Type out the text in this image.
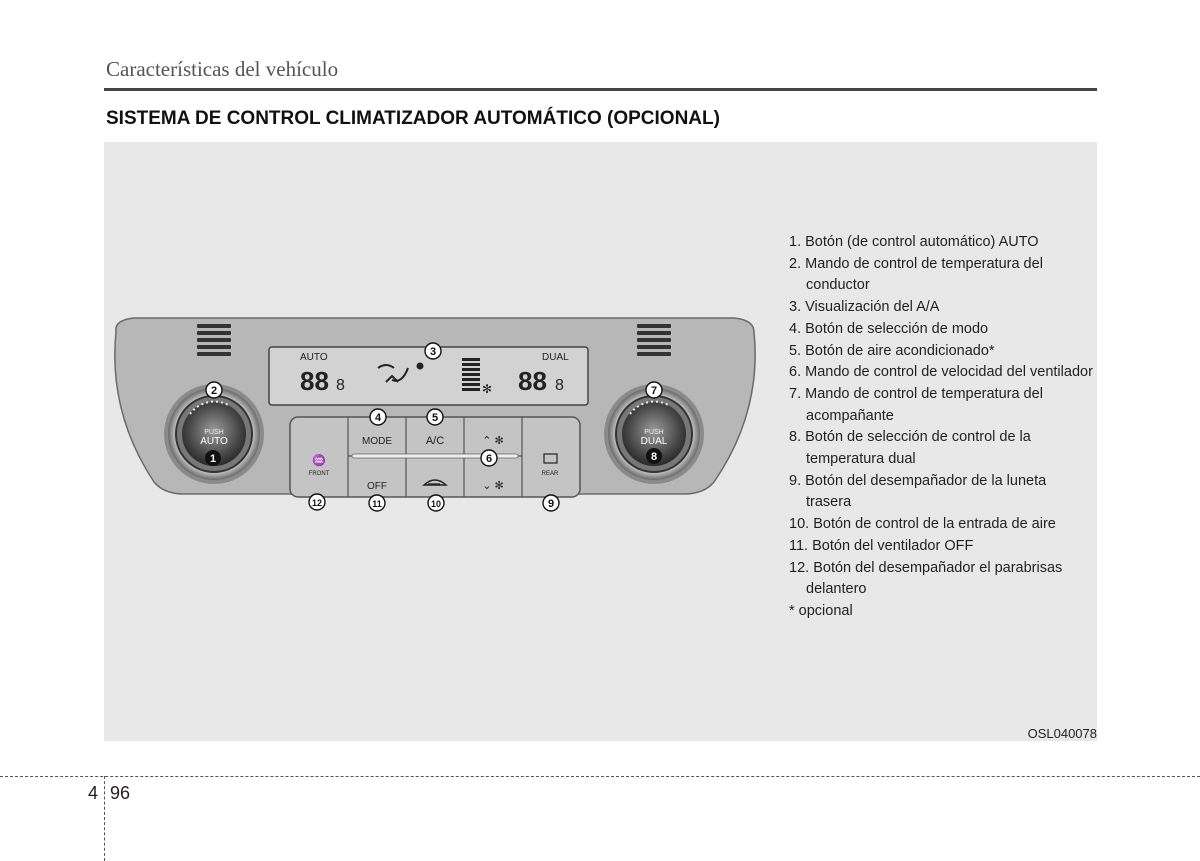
Características del vehículo
SISTEMA DE CONTROL CLIMATIZADOR AUTOMÁTICO (OPCIONAL)
AUTO	DUAL
88 8	88 8
✻
PUSH
AUTO
PUSH
DUAL
♒
FRONT
MODE	A/C	⌃ ✻
OFF	⌄ ✻
REAR
1
2
3
4	5
6
7
8
9
10
11
12
1. Botón (de control automático) AUTO
2. Mando de control de temperatura del conductor
3. Visualización del A/A
4. Botón de selección de modo
5. Botón de aire acondicionado*
6. Mando de control de velocidad del ventilador
7. Mando de control de temperatura del acompañante
8. Botón de selección de control de la temperatura dual
9. Botón del desempañador de la luneta trasera
10. Botón de control de la entrada de aire
11. Botón del ventilador OFF
12. Botón del desempañador el parabrisas delantero
* opcional
OSL040078
4 96
